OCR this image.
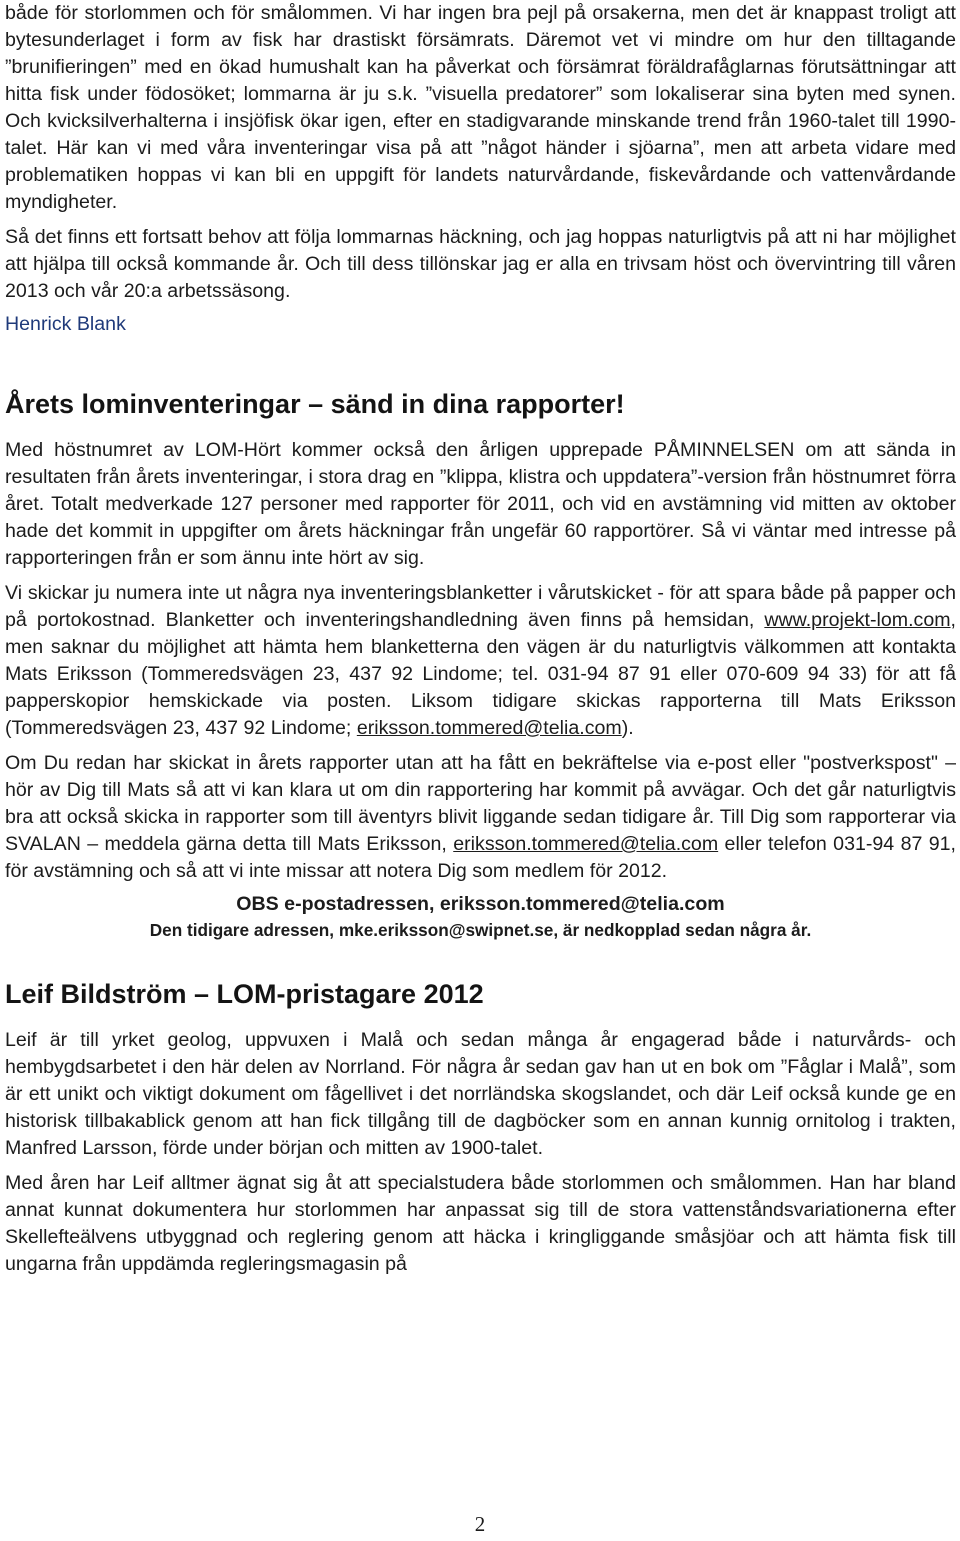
både för storlommen och för smålommen. Vi har ingen bra pejl på orsakerna, men det är knappast troligt att bytesunderlaget i form av fisk har drastiskt försämrats. Däremot vet vi mindre om hur den tilltagande ”brunifieringen” med en ökad humushalt kan ha påverkat och försämrat föräldrafåglarnas förutsättningar att hitta fisk under födosöket; lommarna är ju s.k. ”visuella predatorer” som lokaliserar sina byten med synen. Och kvicksilverhalterna i insjöfisk ökar igen, efter en stadigvarande minskande trend från 1960-talet till 1990-talet. Här kan vi med våra inventeringar visa på att ”något händer i sjöarna”, men att arbeta vidare med problematiken hoppas vi kan bli en uppgift för landets naturvårdande, fiskevårdande och vattenvårdande myndigheter.

Så det finns ett fortsatt behov att följa lommarnas häckning, och jag hoppas naturligtvis på att ni har möjlighet att hjälpa till också kommande år. Och till dess tillönskar jag er alla en trivsam höst och övervintring till våren 2013 och vår 20:a arbetssäsong.

Henrick Blank

Årets lominventeringar – sänd in dina rapporter!

Med höstnumret av LOM-Hört kommer också den årligen upprepade PÅMINNELSEN om att sända in resultaten från årets inventeringar, i stora drag en ”klippa, klistra och uppdatera”-version från höstnumret förra året. Totalt medverkade 127 personer med rapporter för 2011, och vid en avstämning vid mitten av oktober hade det kommit in uppgifter om årets häckningar från ungefär 60 rapportörer. Så vi väntar med intresse på rapporteringen från er som ännu inte hört av sig.

Vi skickar ju numera inte ut några nya inventeringsblanketter i vårutskicket - för att spara både på papper och på portokostnad. Blanketter och inventeringshandledning även finns på hemsidan, www.projekt-lom.com, men saknar du möjlighet att hämta hem blanketterna den vägen är du naturligtvis välkommen att kontakta Mats Eriksson (Tommeredsvägen 23, 437 92 Lindome; tel. 031-94 87 91 eller 070-609 94 33) för att få papperskopior hemskickade via posten. Liksom tidigare skickas rapporterna till Mats Eriksson (Tommeredsvägen 23, 437 92 Lindome; eriksson.tommered@telia.com).

Om Du redan har skickat in årets rapporter utan att ha fått en bekräftelse via e-post eller "postverkspost" – hör av Dig till Mats så att vi kan klara ut om din rapportering har kommit på avvägar. Och det går naturligtvis bra att också skicka in rapporter som till äventyrs blivit liggande sedan tidigare år. Till Dig som rapporterar via SVALAN – meddela gärna detta till Mats Eriksson, eriksson.tommered@telia.com eller telefon 031-94 87 91, för avstämning och så att vi inte missar att notera Dig som medlem för 2012.

OBS e-postadressen, eriksson.tommered@telia.com
Den tidigare adressen, mke.eriksson@swipnet.se, är nedkopplad sedan några år.
Leif Bildström – LOM-pristagare 2012

Leif är till yrket geolog, uppvuxen i Malå och sedan många år engagerad både i naturvårds- och hembygdsarbetet i den här delen av Norrland. För några år sedan gav han ut en bok om ”Fåglar i Malå”, som är ett unikt och viktigt dokument om fågellivet i det norrländska skogslandet, och där Leif också kunde ge en historisk tillbakablick genom att han fick tillgång till de dagböcker som en annan kunnig ornitolog i trakten, Manfred Larsson, förde under början och mitten av 1900-talet.

Med åren har Leif alltmer ägnat sig åt att specialstudera både storlommen och smålommen. Han har bland annat kunnat dokumentera hur storlommen har anpassat sig till de stora vattenståndsvariationerna efter Skellefteälvens utbyggnad och reglering genom att häcka i kringliggande småsjöar och att hämta fisk till ungarna från uppdämda regleringsmagasin på

2
